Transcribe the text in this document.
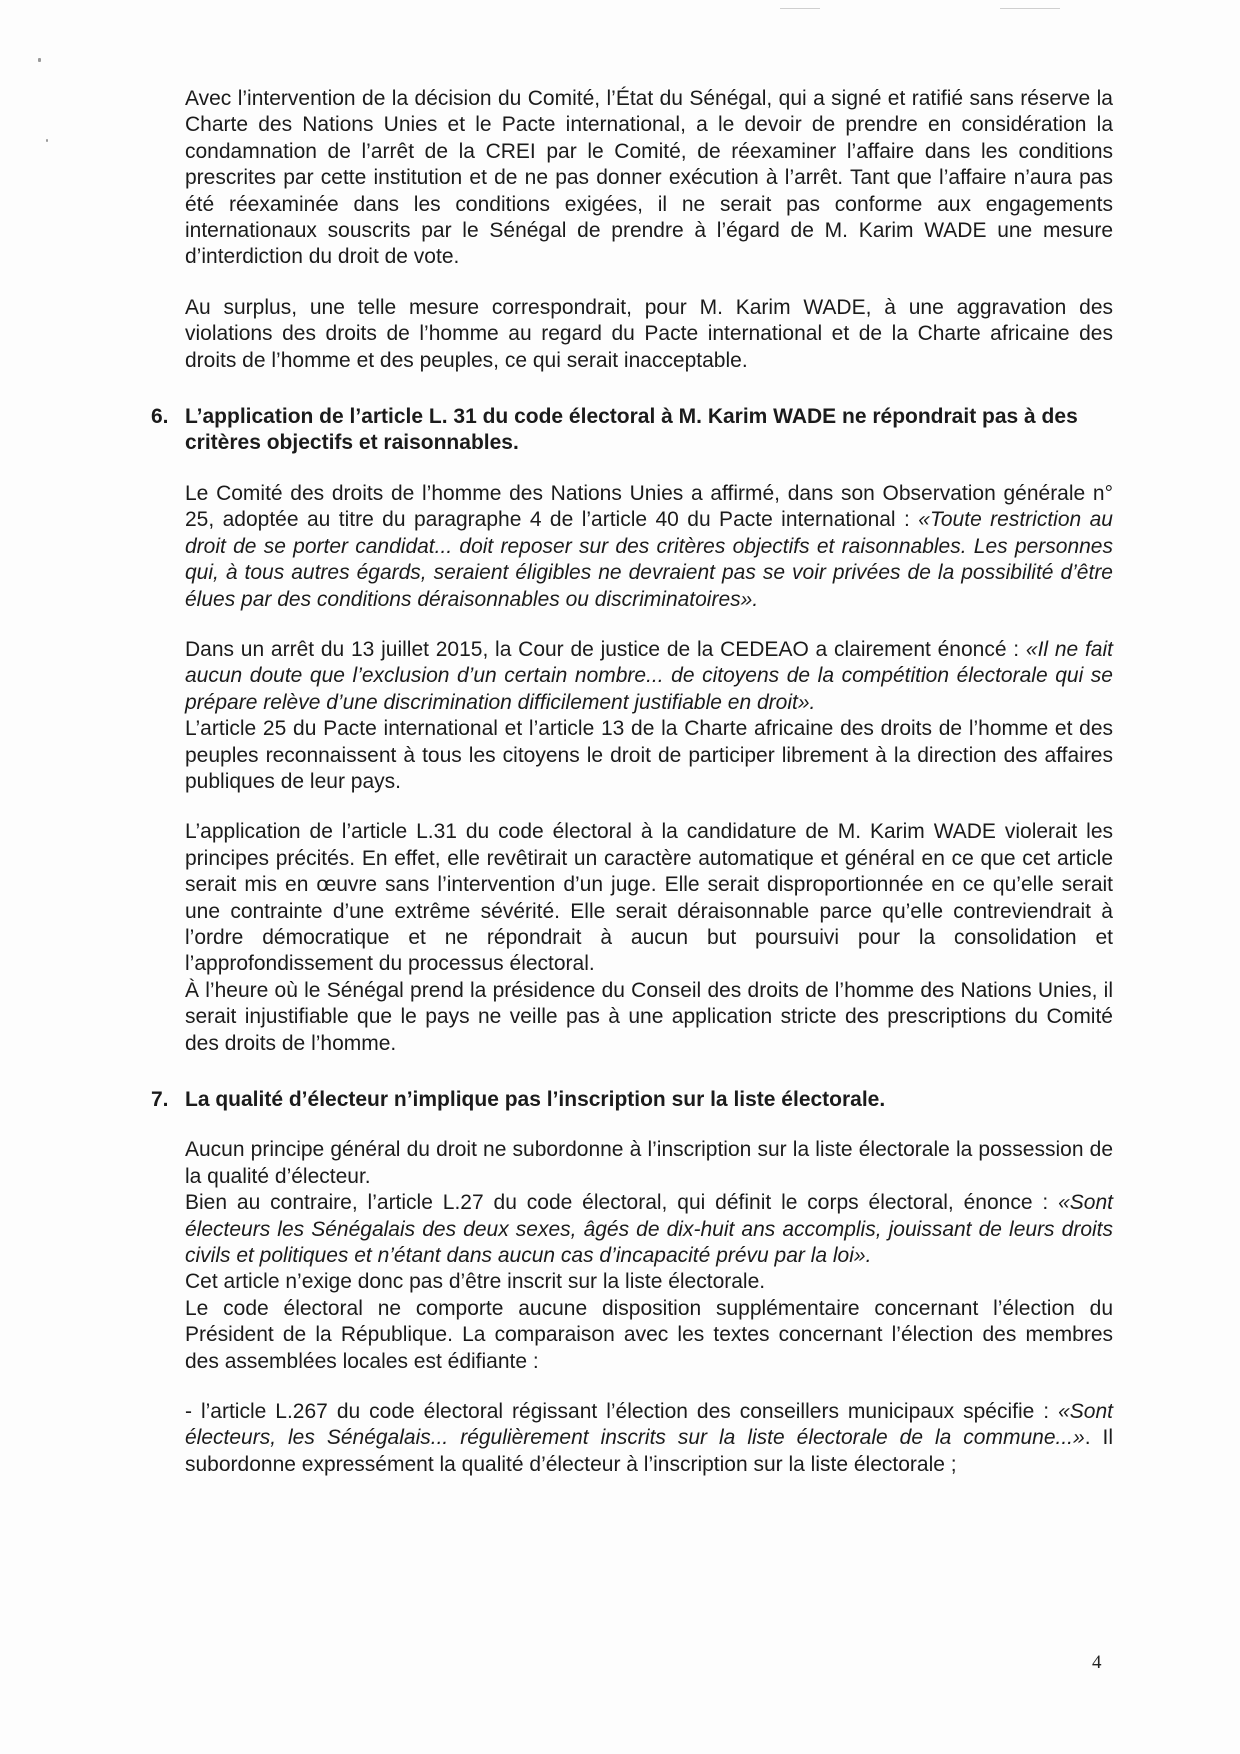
Avec l’intervention de la décision du Comité, l’État du Sénégal, qui a signé et ratifié sans réserve la Charte des Nations Unies et le Pacte international, a le devoir de prendre en considération la condamnation de l’arrêt de la CREI par le Comité, de réexaminer l’affaire dans les conditions prescrites par cette institution et de ne pas donner exécution à l’arrêt. Tant que l’affaire n’aura pas été réexaminée dans les conditions exigées, il ne serait pas conforme aux engagements internationaux souscrits par le Sénégal de prendre à l’égard de M. Karim WADE une mesure d’interdiction du droit de vote.

Au surplus, une telle mesure correspondrait, pour M. Karim WADE, à une aggravation des violations des droits de l’homme au regard du Pacte international et de la Charte africaine des droits de l’homme et des peuples, ce qui serait inacceptable.

6. L’application de l’article L. 31 du code électoral à M. Karim WADE ne répondrait pas à des critères objectifs et raisonnables.

Le Comité des droits de l’homme des Nations Unies a affirmé, dans son Observation générale n° 25, adoptée au titre du paragraphe 4 de l’article 40 du Pacte international : «Toute restriction au droit de se porter candidat... doit reposer sur des critères objectifs et raisonnables. Les personnes qui, à tous autres égards, seraient éligibles ne devraient pas se voir privées de la possibilité d’être élues par des conditions déraisonnables ou discriminatoires».

Dans un arrêt du 13 juillet 2015, la Cour de justice de la CEDEAO a clairement énoncé : «Il ne fait aucun doute que l’exclusion d’un certain nombre... de citoyens de la compétition électorale qui se prépare relève d’une discrimination difficilement justifiable en droit».

L’article 25 du Pacte international et l’article 13 de la Charte africaine des droits de l’homme et des peuples reconnaissent à tous les citoyens le droit de participer librement à la direction des affaires publiques de leur pays.

L’application de l’article L.31 du code électoral à la candidature de M. Karim WADE violerait les principes précités. En effet, elle revêtirait un caractère automatique et général en ce que cet article serait mis en œuvre sans l’intervention d’un juge. Elle serait disproportionnée en ce qu’elle serait une contrainte d’une extrême sévérité. Elle serait déraisonnable parce qu’elle contreviendrait à l’ordre démocratique et ne répondrait à aucun but poursuivi pour la consolidation et l’approfondissement du processus électoral.

À l’heure où le Sénégal prend la présidence du Conseil des droits de l’homme des Nations Unies, il serait injustifiable que le pays ne veille pas à une application stricte des prescriptions du Comité des droits de l’homme.

7. La qualité d’électeur n’implique pas l’inscription sur la liste électorale.

Aucun principe général du droit ne subordonne à l’inscription sur la liste électorale la possession de la qualité d’électeur.

Bien au contraire, l’article L.27 du code électoral, qui définit le corps électoral, énonce : «Sont électeurs les Sénégalais des deux sexes, âgés de dix-huit ans accomplis, jouissant de leurs droits civils et politiques et n’étant dans aucun cas d’incapacité prévu par la loi».

Cet article n’exige donc pas d’être inscrit sur la liste électorale.

Le code électoral ne comporte aucune disposition supplémentaire concernant l’élection du Président de la République. La comparaison avec les textes concernant l’élection des membres des assemblées locales est édifiante :

- l’article L.267 du code électoral régissant l’élection des conseillers municipaux spécifie : «Sont électeurs, les Sénégalais... régulièrement inscrits sur la liste électorale de la commune...». Il subordonne expressément la qualité d’électeur à l’inscription sur la liste électorale ;

4
